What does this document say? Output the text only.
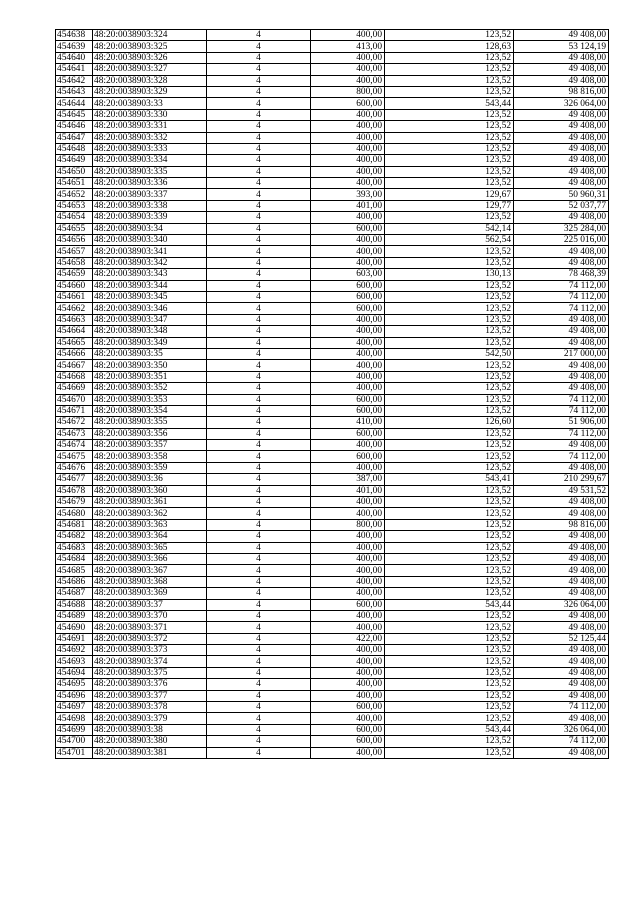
454638	48:20:0038903:324	4	400,00	123,52	49 408,00
454639	48:20:0038903:325	4	413,00	128,63	53 124,19
454640	48:20:0038903:326	4	400,00	123,52	49 408,00
454641	48:20:0038903:327	4	400,00	123,52	49 408,00
454642	48:20:0038903:328	4	400,00	123,52	49 408,00
454643	48:20:0038903:329	4	800,00	123,52	98 816,00
454644	48:20:0038903:33	4	600,00	543,44	326 064,00
454645	48:20:0038903:330	4	400,00	123,52	49 408,00
454646	48:20:0038903:331	4	400,00	123,52	49 408,00
454647	48:20:0038903:332	4	400,00	123,52	49 408,00
454648	48:20:0038903:333	4	400,00	123,52	49 408,00
454649	48:20:0038903:334	4	400,00	123,52	49 408,00
454650	48:20:0038903:335	4	400,00	123,52	49 408,00
454651	48:20:0038903:336	4	400,00	123,52	49 408,00
454652	48:20:0038903:337	4	393,00	129,67	50 960,31
454653	48:20:0038903:338	4	401,00	129,77	52 037,77
454654	48:20:0038903:339	4	400,00	123,52	49 408,00
454655	48:20:0038903:34	4	600,00	542,14	325 284,00
454656	48:20:0038903:340	4	400,00	562,54	225 016,00
454657	48:20:0038903:341	4	400,00	123,52	49 408,00
454658	48:20:0038903:342	4	400,00	123,52	49 408,00
454659	48:20:0038903:343	4	603,00	130,13	78 468,39
454660	48:20:0038903:344	4	600,00	123,52	74 112,00
454661	48:20:0038903:345	4	600,00	123,52	74 112,00
454662	48:20:0038903:346	4	600,00	123,52	74 112,00
454663	48:20:0038903:347	4	400,00	123,52	49 408,00
454664	48:20:0038903:348	4	400,00	123,52	49 408,00
454665	48:20:0038903:349	4	400,00	123,52	49 408,00
454666	48:20:0038903:35	4	400,00	542,50	217 000,00
454667	48:20:0038903:350	4	400,00	123,52	49 408,00
454668	48:20:0038903:351	4	400,00	123,52	49 408,00
454669	48:20:0038903:352	4	400,00	123,52	49 408,00
454670	48:20:0038903:353	4	600,00	123,52	74 112,00
454671	48:20:0038903:354	4	600,00	123,52	74 112,00
454672	48:20:0038903:355	4	410,00	126,60	51 906,00
454673	48:20:0038903:356	4	600,00	123,52	74 112,00
454674	48:20:0038903:357	4	400,00	123,52	49 408,00
454675	48:20:0038903:358	4	600,00	123,52	74 112,00
454676	48:20:0038903:359	4	400,00	123,52	49 408,00
454677	48:20:0038903:36	4	387,00	543,41	210 299,67
454678	48:20:0038903:360	4	401,00	123,52	49 531,52
454679	48:20:0038903:361	4	400,00	123,52	49 408,00
454680	48:20:0038903:362	4	400,00	123,52	49 408,00
454681	48:20:0038903:363	4	800,00	123,52	98 816,00
454682	48:20:0038903:364	4	400,00	123,52	49 408,00
454683	48:20:0038903:365	4	400,00	123,52	49 408,00
454684	48:20:0038903:366	4	400,00	123,52	49 408,00
454685	48:20:0038903:367	4	400,00	123,52	49 408,00
454686	48:20:0038903:368	4	400,00	123,52	49 408,00
454687	48:20:0038903:369	4	400,00	123,52	49 408,00
454688	48:20:0038903:37	4	600,00	543,44	326 064,00
454689	48:20:0038903:370	4	400,00	123,52	49 408,00
454690	48:20:0038903:371	4	400,00	123,52	49 408,00
454691	48:20:0038903:372	4	422,00	123,52	52 125,44
454692	48:20:0038903:373	4	400,00	123,52	49 408,00
454693	48:20:0038903:374	4	400,00	123,52	49 408,00
454694	48:20:0038903:375	4	400,00	123,52	49 408,00
454695	48:20:0038903:376	4	400,00	123,52	49 408,00
454696	48:20:0038903:377	4	400,00	123,52	49 408,00
454697	48:20:0038903:378	4	600,00	123,52	74 112,00
454698	48:20:0038903:379	4	400,00	123,52	49 408,00
454699	48:20:0038903:38	4	600,00	543,44	326 064,00
454700	48:20:0038903:380	4	600,00	123,52	74 112,00
454701	48:20:0038903:381	4	400,00	123,52	49 408,00
